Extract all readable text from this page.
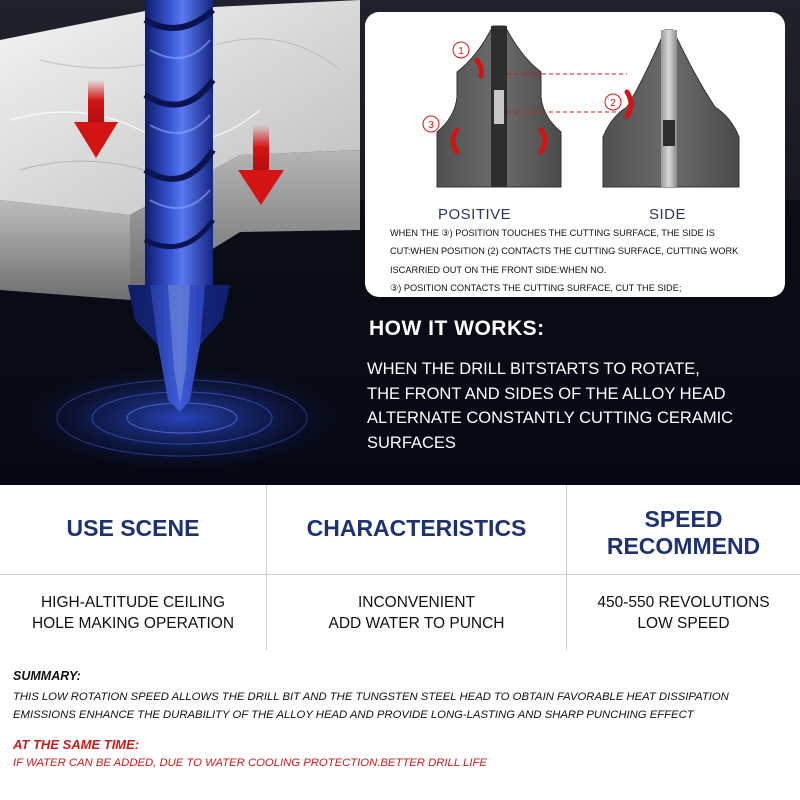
1
2
3
POSITIVE	SIDE
WHEN THE ③) POSITION TOUCHES THE CUTTING SURFACE, THE SIDE IS
CUT:WHEN POSITION (2) CONTACTS THE CUTTING SURFACE, CUTTING WORK
ISCARRIED OUT ON THE FRONT SIDE:WHEN NO.
③) POSITION CONTACTS THE CUTTING SURFACE, CUT THE SIDE;
HOW IT WORKS:
WHEN THE DRILL BITSTARTS TO ROTATE,
THE FRONT AND SIDES OF THE ALLOY HEAD
ALTERNATE CONSTANTLY CUTTING CERAMIC
SURFACES
USE SCENE
HIGH-ALTITUDE CEILING
HOLE MAKING OPERATION
CHARACTERISTICS
INCONVENIENT
ADD WATER TO PUNCH
SPEED
RECOMMEND
450-550 REVOLUTIONS
LOW SPEED
SUMMARY:
THIS LOW ROTATION SPEED ALLOWS THE DRILL BIT AND THE TUNGSTEN STEEL HEAD TO OBTAIN FAVORABLE HEAT DISSIPATION
EMISSIONS ENHANCE THE DURABILITY OF THE ALLOY HEAD AND PROVIDE LONG-LASTING AND SHARP PUNCHING EFFECT
AT THE SAME TIME:
IF WATER CAN BE ADDED, DUE TO WATER COOLING PROTECTION.BETTER DRILL LIFE
